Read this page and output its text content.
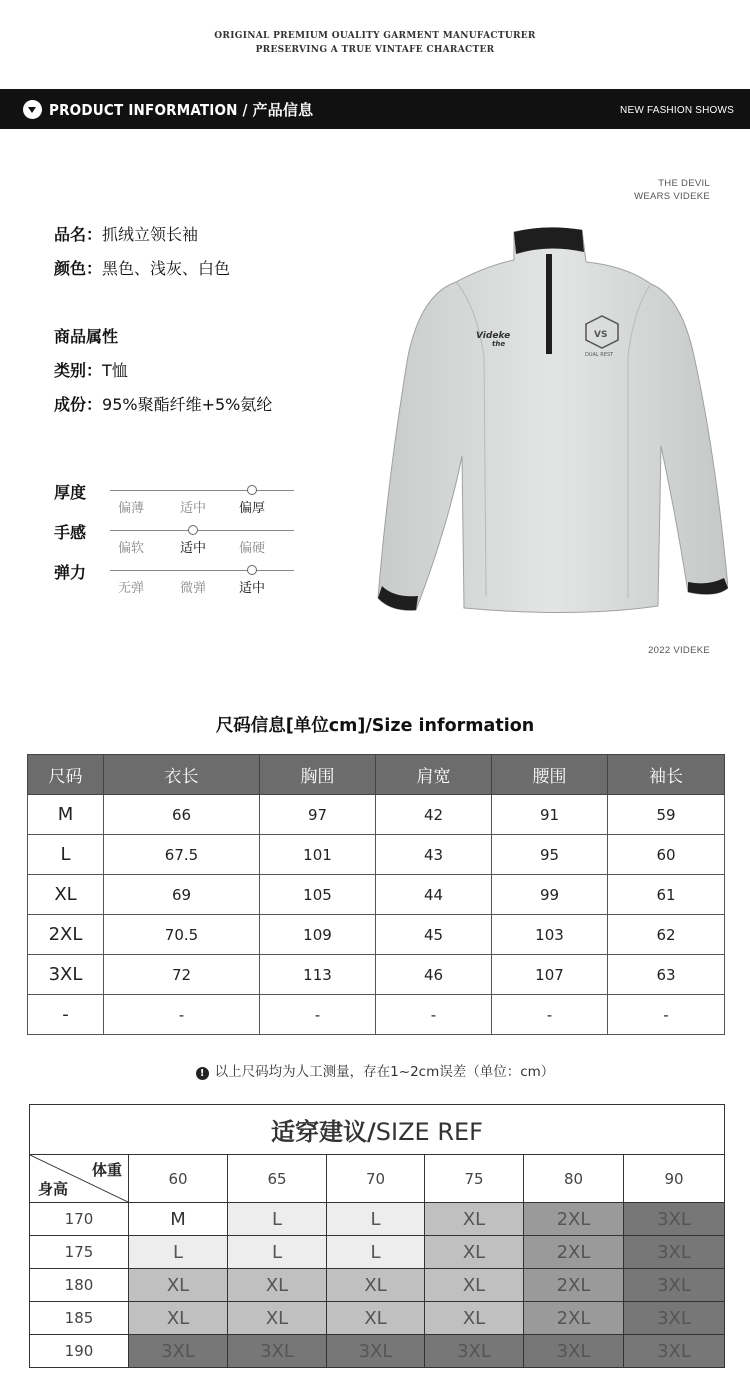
ORIGINAL PREMIUM OUALITY GARMENT MANUFACTURER
PRESERVING A TRUE VINTAFE CHARACTER
PRODUCT INFORMATION / 产品信息	NEW FASHION SHOWS
THE DEVIL
WEARS VIDEKE
2022 VIDEKE
品名：抓绒立领长袖
颜色：黑色、浅灰、白色
商品属性
类别：T恤
成份：95%聚酯纤维+5%氨纶
厚度
偏薄	适中	偏厚
手感
偏软	适中	偏硬
弹力
无弹	微弹	适中
Videke
the
VS
DUAL REST
尺码信息[单位cm]/Size information
尺码	衣长	胸围	肩宽	腰围	袖长
M	66	97	42	91	59
L	67.5	101	43	95	60
XL	69	105	44	99	61
2XL	70.5	109	45	103	62
3XL	72	113	46	107	63
-	-	-	-	-	-
! 以上尺码均为人工测量，存在1~2cm误差（单位：cm）
适穿建议/SIZE REF						

体重
身高	60	65	70	75	80	90
170	M	L	L	XL	2XL	3XL
175	L	L	L	XL	2XL	3XL
180	XL	XL	XL	XL	2XL	3XL
185	XL	XL	XL	XL	2XL	3XL
190	3XL	3XL	3XL	3XL	3XL	3XL
